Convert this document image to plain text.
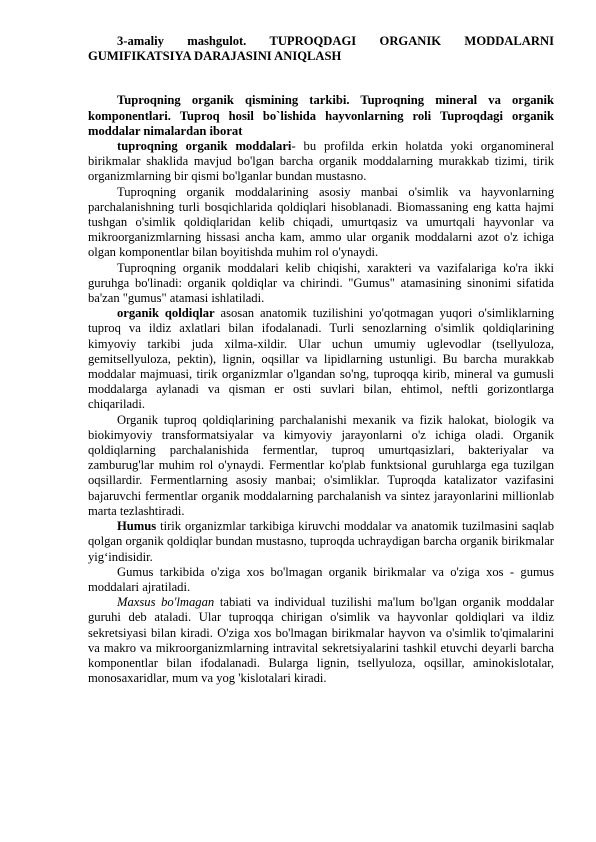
3-amaliy mashgulot. TUPROQDAGI ORGANIK MODDALARNI GUMIFIKATSIYA DARAJASINI ANIQLASH
Tuproqning organik qismining tarkibi. Tuproqning mineral va organik komponentlari. Tuproq hosil bo`lishida hayvonlarning roli Tuproqdagi organik moddalar nimalardan iborat

tuproqning organik moddalari- bu profilda erkin holatda yoki organomineral birikmalar shaklida mavjud bo'lgan barcha organik moddalarning murakkab tizimi, tirik organizmlarning bir qismi bo'lganlar bundan mustasno.

Tuproqning organik moddalarining asosiy manbai o'simlik va hayvonlarning parchalanishning turli bosqichlarida qoldiqlari hisoblanadi. Biomassaning eng katta hajmi tushgan o'simlik qoldiqlaridan kelib chiqadi, umurtqasiz va umurtqali hayvonlar va mikroorganizmlarning hissasi ancha kam, ammo ular organik moddalarni azot o'z ichiga olgan komponentlar bilan boyitishda muhim rol o'ynaydi.

Tuproqning organik moddalari kelib chiqishi, xarakteri va vazifalariga ko'ra ikki guruhga bo'linadi: organik qoldiqlar va chirindi. "Gumus" atamasining sinonimi sifatida ba'zan "gumus" atamasi ishlatiladi.

organik qoldiqlar asosan anatomik tuzilishini yo'qotmagan yuqori o'simliklarning tuproq va ildiz axlatlari bilan ifodalanadi. Turli senozlarning o'simlik qoldiqlarining kimyoviy tarkibi juda xilma-xildir. Ular uchun umumiy uglevodlar (tsellyuloza, gemitsellyuloza, pektin), lignin, oqsillar va lipidlarning ustunligi. Bu barcha murakkab moddalar majmuasi, tirik organizmlar o'lgandan so'ng, tuproqqa kirib, mineral va gumusli moddalarga aylanadi va qisman er osti suvlari bilan, ehtimol, neftli gorizontlarga chiqariladi.

Organik tuproq qoldiqlarining parchalanishi mexanik va fizik halokat, biologik va biokimyoviy transformatsiyalar va kimyoviy jarayonlarni o'z ichiga oladi. Organik qoldiqlarning parchalanishida fermentlar, tuproq umurtqasizlari, bakteriyalar va zamburug'lar muhim rol o'ynaydi. Fermentlar ko'plab funktsional guruhlarga ega tuzilgan oqsillardir. Fermentlarning asosiy manbai; o'simliklar. Tuproqda katalizator vazifasini bajaruvchi fermentlar organik moddalarning parchalanish va sintez jarayonlarini millionlab marta tezlashtiradi.

Humus tirik organizmlar tarkibiga kiruvchi moddalar va anatomik tuzilmasini saqlab qolgan organik qoldiqlar bundan mustasno, tuproqda uchraydigan barcha organik birikmalar yig‘indisidir.

Gumus tarkibida o'ziga xos bo'lmagan organik birikmalar va o'ziga xos - gumus moddalari ajratiladi.

Maxsus bo'lmagan tabiati va individual tuzilishi ma'lum bo'lgan organik moddalar guruhi deb ataladi. Ular tuproqqa chirigan o'simlik va hayvonlar qoldiqlari va ildiz sekretsiyasi bilan kiradi. O'ziga xos bo'lmagan birikmalar hayvon va o'simlik to'qimalarini va makro va mikroorganizmlarning intravital sekretsiyalarini tashkil etuvchi deyarli barcha komponentlar bilan ifodalanadi. Bularga lignin, tsellyuloza, oqsillar, aminokislotalar, monosaxaridlar, mum va yog 'kislotalari kiradi.
